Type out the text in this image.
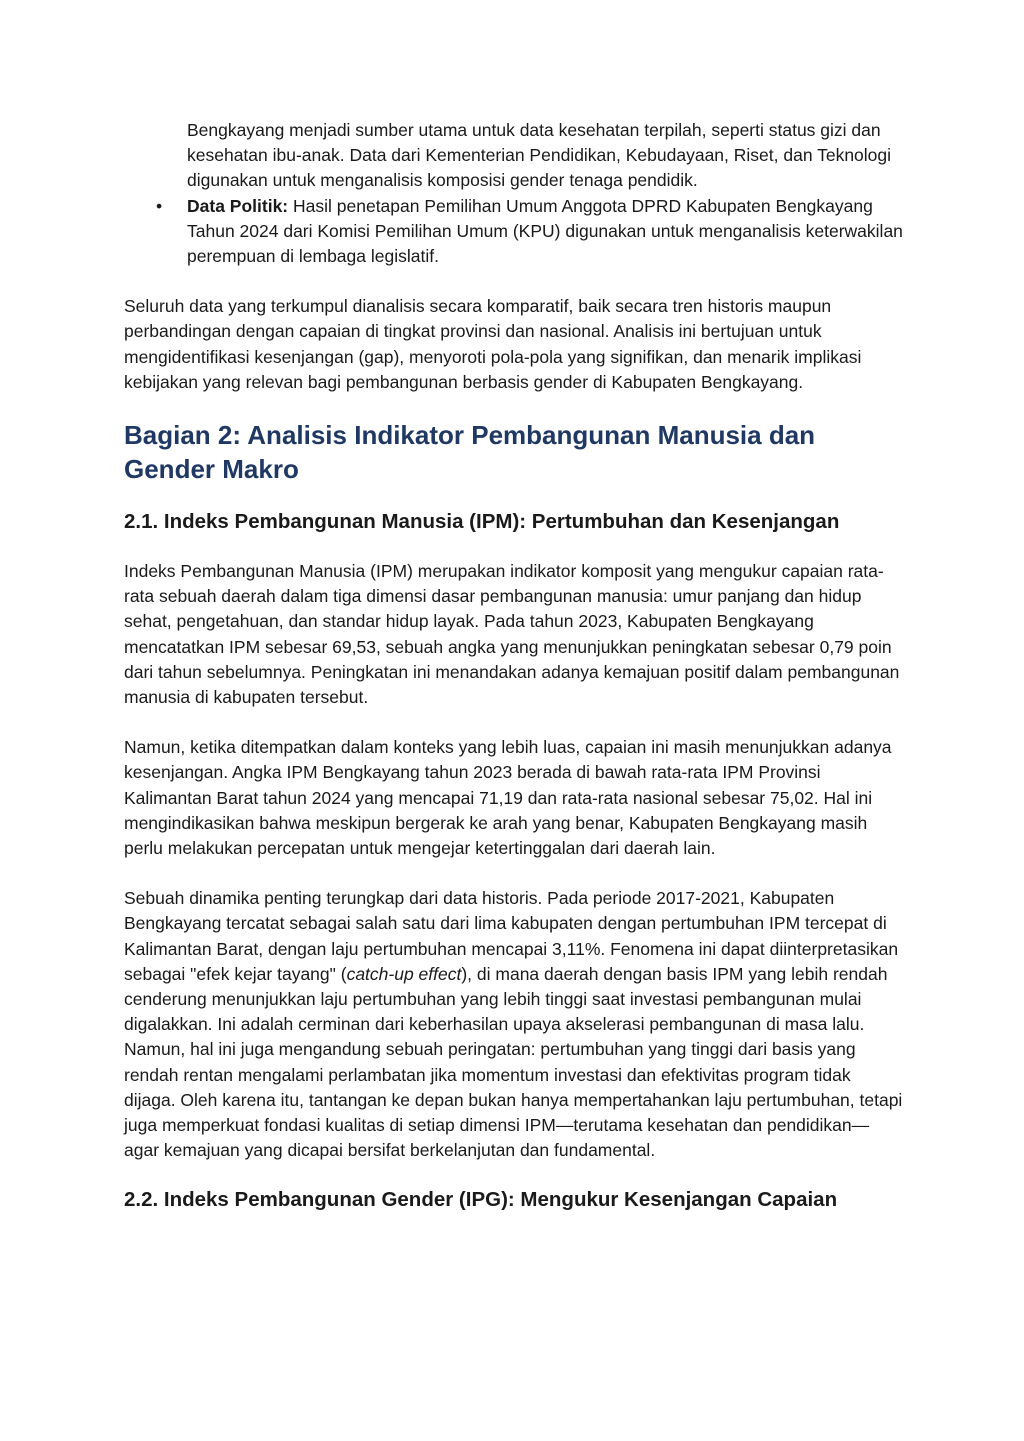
Bengkayang menjadi sumber utama untuk data kesehatan terpilah, seperti status gizi dan kesehatan ibu-anak. Data dari Kementerian Pendidikan, Kebudayaan, Riset, dan Teknologi digunakan untuk menganalisis komposisi gender tenaga pendidik.
• Data Politik: Hasil penetapan Pemilihan Umum Anggota DPRD Kabupaten Bengkayang Tahun 2024 dari Komisi Pemilihan Umum (KPU) digunakan untuk menganalisis keterwakilan perempuan di lembaga legislatif.

Seluruh data yang terkumpul dianalisis secara komparatif, baik secara tren historis maupun perbandingan dengan capaian di tingkat provinsi dan nasional. Analisis ini bertujuan untuk mengidentifikasi kesenjangan (gap), menyoroti pola-pola yang signifikan, dan menarik implikasi kebijakan yang relevan bagi pembangunan berbasis gender di Kabupaten Bengkayang.

Bagian 2: Analisis Indikator Pembangunan Manusia dan Gender Makro
2.1. Indeks Pembangunan Manusia (IPM): Pertumbuhan dan Kesenjangan

Indeks Pembangunan Manusia (IPM) merupakan indikator komposit yang mengukur capaian rata-rata sebuah daerah dalam tiga dimensi dasar pembangunan manusia: umur panjang dan hidup sehat, pengetahuan, dan standar hidup layak. Pada tahun 2023, Kabupaten Bengkayang mencatatkan IPM sebesar 69,53, sebuah angka yang menunjukkan peningkatan sebesar 0,79 poin dari tahun sebelumnya. Peningkatan ini menandakan adanya kemajuan positif dalam pembangunan manusia di kabupaten tersebut.

Namun, ketika ditempatkan dalam konteks yang lebih luas, capaian ini masih menunjukkan adanya kesenjangan. Angka IPM Bengkayang tahun 2023 berada di bawah rata-rata IPM Provinsi Kalimantan Barat tahun 2024 yang mencapai 71,19 dan rata-rata nasional sebesar 75,02. Hal ini mengindikasikan bahwa meskipun bergerak ke arah yang benar, Kabupaten Bengkayang masih perlu melakukan percepatan untuk mengejar ketertinggalan dari daerah lain.

Sebuah dinamika penting terungkap dari data historis. Pada periode 2017-2021, Kabupaten Bengkayang tercatat sebagai salah satu dari lima kabupaten dengan pertumbuhan IPM tercepat di Kalimantan Barat, dengan laju pertumbuhan mencapai 3,11%. Fenomena ini dapat diinterpretasikan sebagai "efek kejar tayang" (catch-up effect), di mana daerah dengan basis IPM yang lebih rendah cenderung menunjukkan laju pertumbuhan yang lebih tinggi saat investasi pembangunan mulai digalakkan. Ini adalah cerminan dari keberhasilan upaya akselerasi pembangunan di masa lalu. Namun, hal ini juga mengandung sebuah peringatan: pertumbuhan yang tinggi dari basis yang rendah rentan mengalami perlambatan jika momentum investasi dan efektivitas program tidak dijaga. Oleh karena itu, tantangan ke depan bukan hanya mempertahankan laju pertumbuhan, tetapi juga memperkuat fondasi kualitas di setiap dimensi IPM—terutama kesehatan dan pendidikan—agar kemajuan yang dicapai bersifat berkelanjutan dan fundamental.

2.2. Indeks Pembangunan Gender (IPG): Mengukur Kesenjangan Capaian
